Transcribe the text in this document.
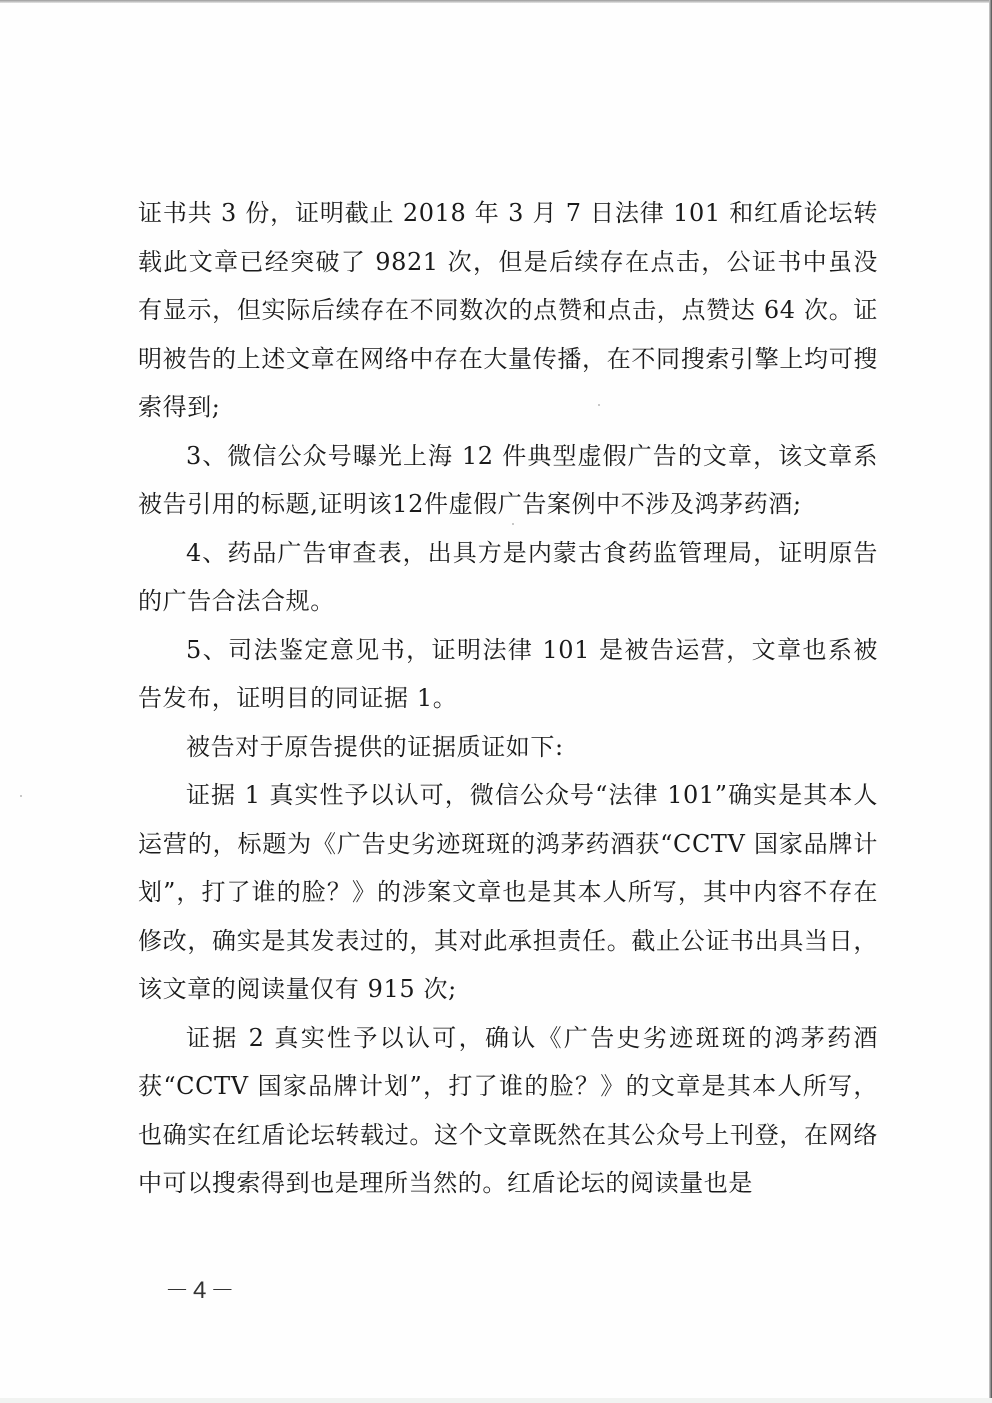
证书共 3 份，证明截止 2018 年 3 月 7 日法律 101 和红盾论坛转载此文章已经突破了 9821 次，但是后续存在点击，公证书中虽没有显示，但实际后续存在不同数次的点赞和点击，点赞达 64 次。证明被告的上述文章在网络中存在大量传播，在不同搜索引擎上均可搜索得到;

3、微信公众号曝光上海 12 件典型虚假广告的文章，该文章系被告引用的标题,证明该12件虚假广告案例中不涉及鸿茅药酒;

4、药品广告审查表，出具方是内蒙古食药监管理局，证明原告的广告合法合规。

5、司法鉴定意见书，证明法律 101 是被告运营，文章也系被告发布，证明目的同证据 1。

被告对于原告提供的证据质证如下:

证据 1 真实性予以认可，微信公众号“法律 101”确实是其本人运营的，标题为《广告史劣迹斑斑的鸿茅药酒获“CCTV 国家品牌计划”，打了谁的脸？》的涉案文章也是其本人所写，其中内容不存在修改，确实是其发表过的，其对此承担责任。截止公证书出具当日，该文章的阅读量仅有 915 次;

证据 2 真实性予以认可，确认《广告史劣迹斑斑的鸿茅药酒获“CCTV 国家品牌计划”，打了谁的脸？》的文章是其本人所写，也确实在红盾论坛转载过。这个文章既然在其公众号上刊登，在网络中可以搜索得到也是理所当然的。红盾论坛的阅读量也是

－4－
